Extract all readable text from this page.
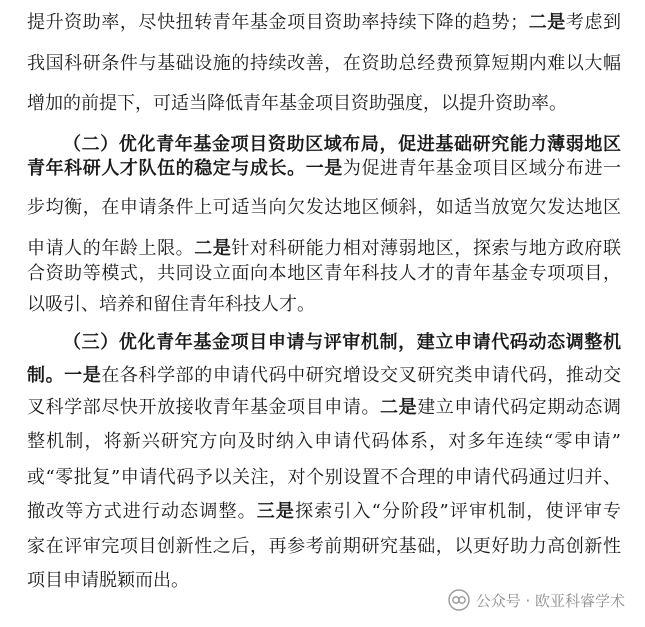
提升资助率，尽快扭转青年基金项目资助率持续下降的趋势；二是考虑到
我国科研条件与基础设施的持续改善，在资助总经费预算短期内难以大幅
增加的前提下，可适当降低青年基金项目资助强度，以提升资助率。
（二）优化青年基金项目资助区域布局，促进基础研究能力薄弱地区
青年科研人才队伍的稳定与成长。一是为促进青年基金项目区域分布进一
步均衡，在申请条件上可适当向欠发达地区倾斜，如适当放宽欠发达地区
申请人的年龄上限。二是针对科研能力相对薄弱地区，探索与地方政府联
合资助等模式，共同设立面向本地区青年科技人才的青年基金专项项目，
以吸引、培养和留住青年科技人才。
（三）优化青年基金项目申请与评审机制，建立申请代码动态调整机
制。一是在各科学部的申请代码中研究增设交叉研究类申请代码，推动交
叉科学部尽快开放接收青年基金项目申请。二是建立申请代码定期动态调
整机制，将新兴研究方向及时纳入申请代码体系，对多年连续“零申请”
或“零批复”申请代码予以关注，对个别设置不合理的申请代码通过归并、
撤改等方式进行动态调整。三是探索引入“分阶段”评审机制，使评审专
家在评审完项目创新性之后，再参考前期研究基础，以更好助力高创新性
项目申请脱颖而出。
公众号 · 欧亚科睿学术
